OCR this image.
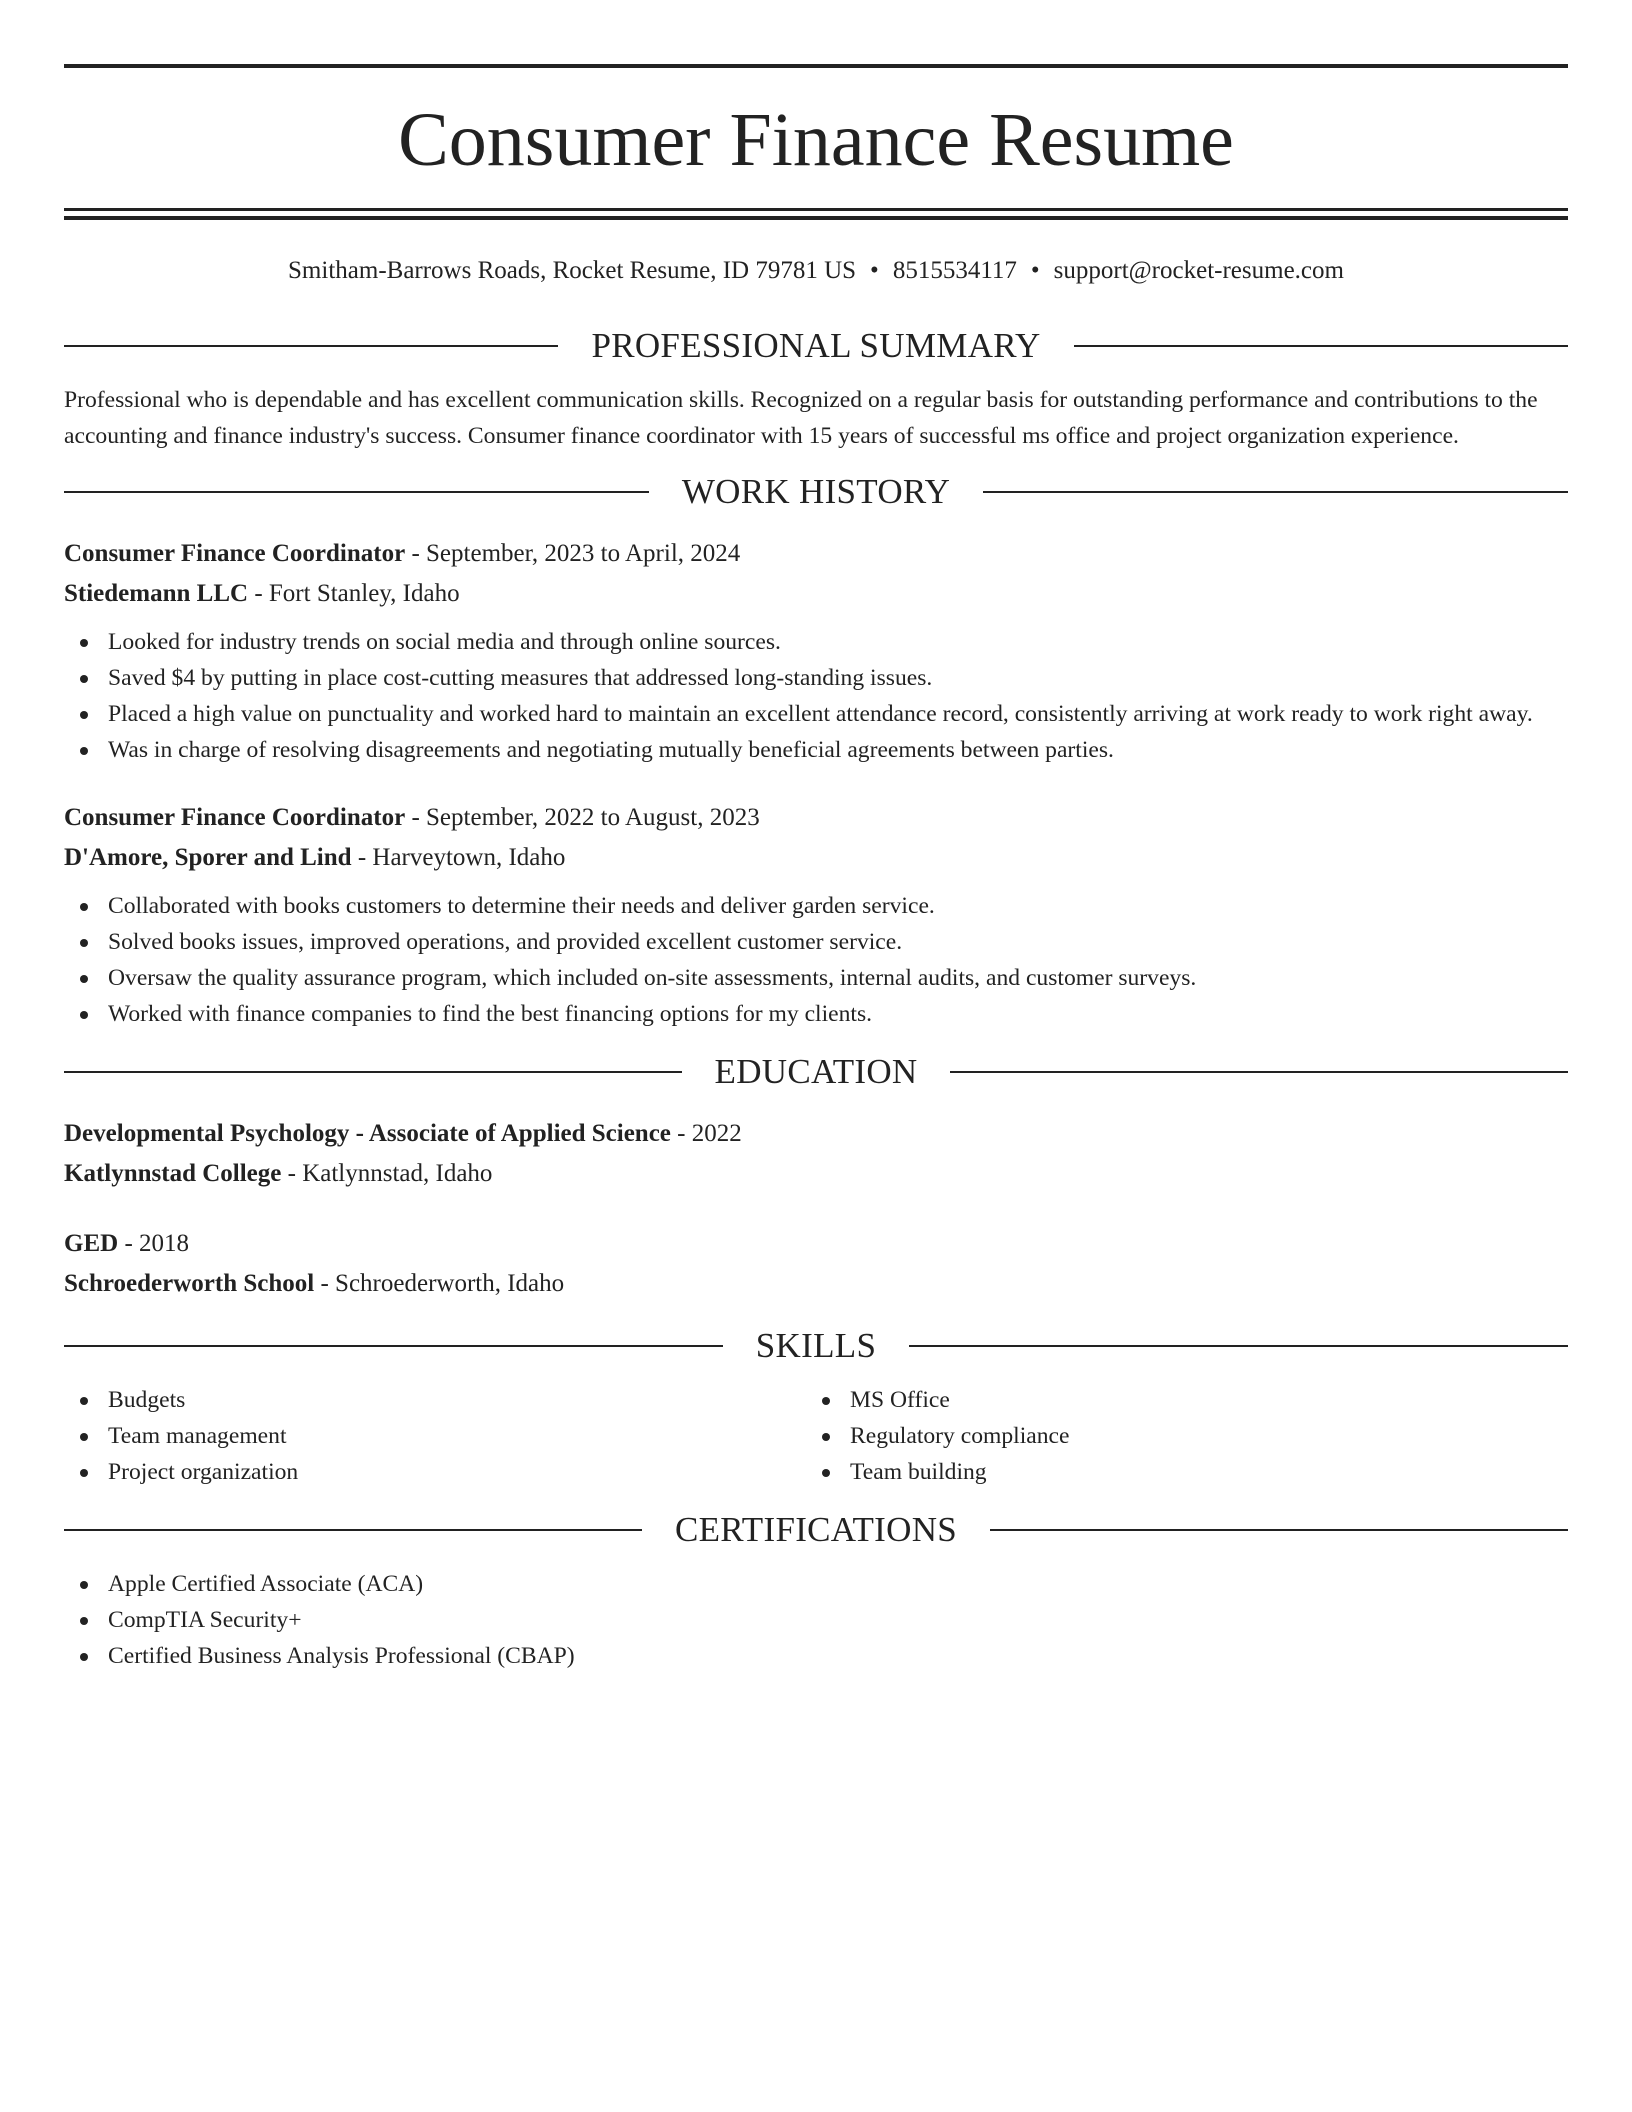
Consumer Finance Resume
Smitham-Barrows Roads, Rocket Resume, ID 79781 US • 8515534117 • support@rocket-resume.com
PROFESSIONAL SUMMARY

Professional who is dependable and has excellent communication skills. Recognized on a regular basis for outstanding performance and contributions to the accounting and finance industry's success. Consumer finance coordinator with 15 years of successful ms office and project organization experience.

WORK HISTORY
Consumer Finance Coordinator - September, 2023 to April, 2024
Stiedemann LLC - Fort Stanley, Idaho
Looked for industry trends on social media and through online sources.
Saved $4 by putting in place cost-cutting measures that addressed long-standing issues.
Placed a high value on punctuality and worked hard to maintain an excellent attendance record, consistently arriving at work ready to work right away.
Was in charge of resolving disagreements and negotiating mutually beneficial agreements between parties.
Consumer Finance Coordinator - September, 2022 to August, 2023
D'Amore, Sporer and Lind - Harveytown, Idaho
Collaborated with books customers to determine their needs and deliver garden service.
Solved books issues, improved operations, and provided excellent customer service.
Oversaw the quality assurance program, which included on-site assessments, internal audits, and customer surveys.
Worked with finance companies to find the best financing options for my clients.
EDUCATION
Developmental Psychology - Associate of Applied Science - 2022
Katlynnstad College - Katlynnstad, Idaho
GED - 2018
Schroederworth School - Schroederworth, Idaho
SKILLS
Budgets
Team management
Project organization
MS Office
Regulatory compliance
Team building
CERTIFICATIONS
Apple Certified Associate (ACA)
CompTIA Security+
Certified Business Analysis Professional (CBAP)
